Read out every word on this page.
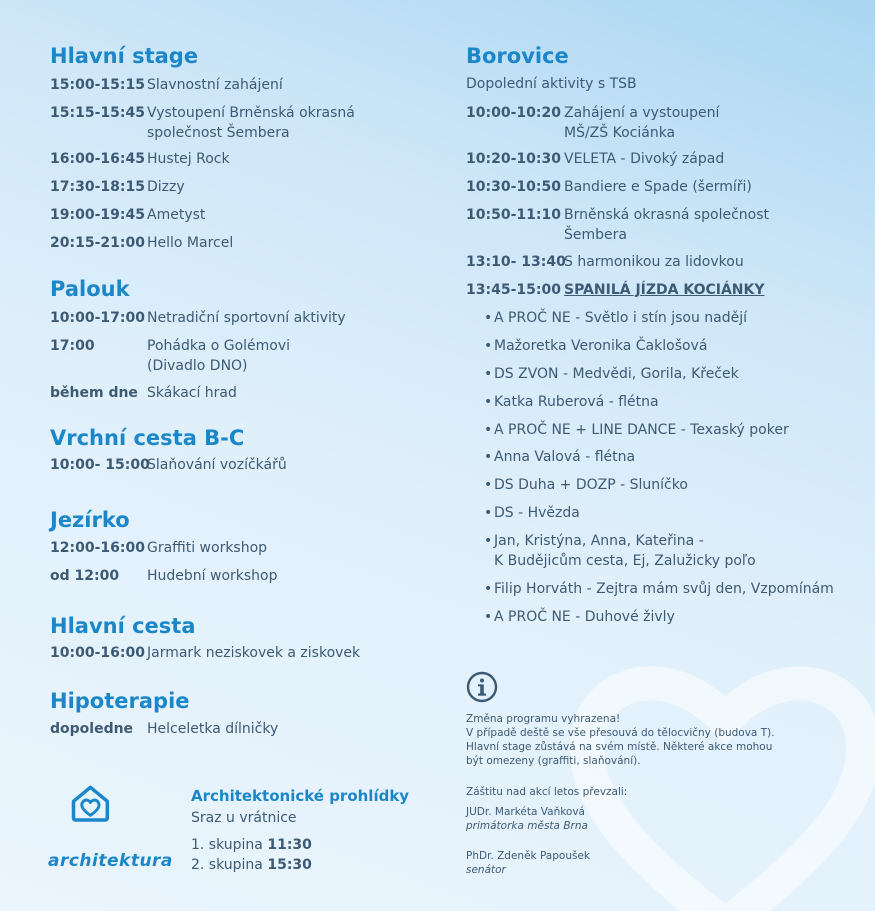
Hlavní stage
15:00-15:15 Slavnostní zahájení
15:15-15:45 Vystoupení Brněnská okrasná
společnost Šembera
16:00-16:45 Hustej Rock
17:30-18:15 Dizzy
19:00-19:45 Ametyst
20:15-21:00 Hello Marcel
Palouk
10:00-17:00 Netradiční sportovní aktivity
17:00	Pohádka o Golémovi
(Divadlo DNO)
během dne Skákací hrad
Vrchní cesta B-C
10:00- 15:00
Slaňování vozíčkářů
Jezírko
12:00-16:00 Graffiti workshop
od 12:00	Hudební workshop
Hlavní cesta
10:00-16:00 Jarmark neziskovek a ziskovek
Hipoterapie
dopoledne Helceletka dílničky
Borovice
Dopolední aktivity s TSB
10:00-10:20 Zahájení a vystoupení
MŠ/ZŠ Kociánka
10:20-10:30 VELETA - Divoký západ
10:30-10:50 Bandiere e Spade (šermíři)
10:50-11:10 Brněnská okrasná společnost
Šembera
13:10- 13:40
S harmonikou za lidovkou
13:45-15:00 SPANILÁ JÍZDA KOCIÁNKY
• A PROČ NE - Světlo i stín jsou nadějí
• Mažoretka Veronika Čaklošová
• DS ZVON - Medvědi, Gorila, Křeček
• Katka Ruberová - flétna
• A PROČ NE + LINE DANCE - Texaský poker
• Anna Valová - flétna
• DS Duha + DOZP - Sluníčko
• DS - Hvězda
• Jan, Kristýna, Anna, Kateřina -
K Budějicům cesta, Ej, Zalužicky poľo
• Filip Horváth - Zejtra mám svůj den, Vzpomínám
• A PROČ NE - Duhové živly
Změna programu vyhrazena!
V případě deště se vše přesouvá do tělocvičny (budova T).
Hlavní stage zůstává na svém místě. Některé akce mohou
být omezeny (graffiti, slaňování).
Záštitu nad akcí letos převzali:
JUDr. Markéta Vaňková
primátorka města Brna
PhDr. Zdeněk Papoušek
senátor
architektura
Architektonické prohlídky
Sraz u vrátnice
1. skupina 11:30
2. skupina 15:30
